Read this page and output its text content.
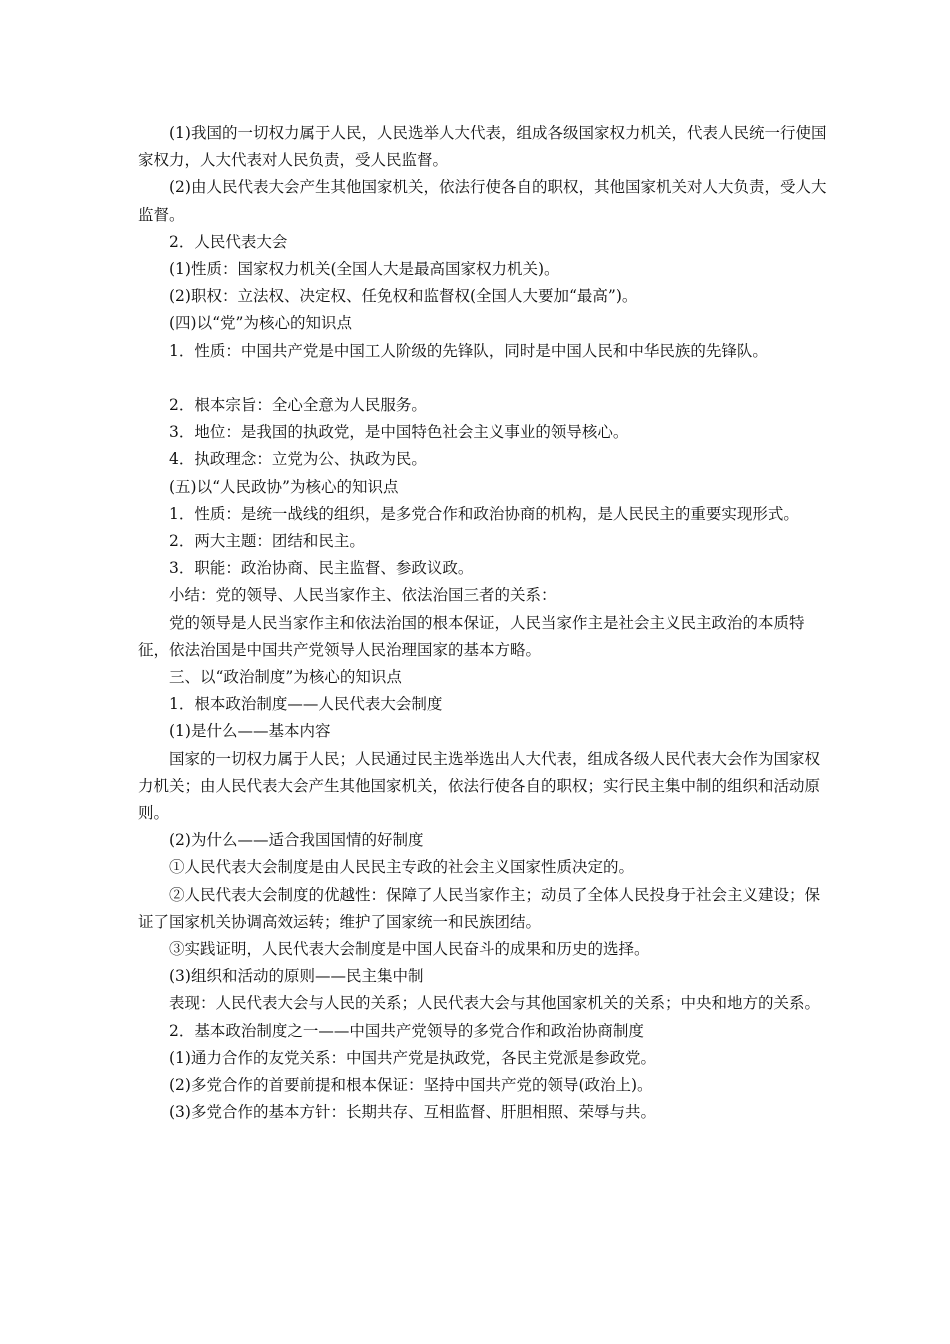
(1)我国的一切权力属于人民，人民选举人大代表，组成各级国家权力机关，代表人民统一行使国家权力，人大代表对人民负责，受人民监督。

(2)由人民代表大会产生其他国家机关，依法行使各自的职权，其他国家机关对人大负责，受人大监督。

2．人民代表大会

(1)性质：国家权力机关(全国人大是最高国家权力机关)。

(2)职权：立法权、决定权、任免权和监督权(全国人大要加“最高”)。

(四)以“党”为核心的知识点

1．性质：中国共产党是中国工人阶级的先锋队，同时是中国人民和中华民族的先锋队。

2．根本宗旨：全心全意为人民服务。

3．地位：是我国的执政党，是中国特色社会主义事业的领导核心。

4．执政理念：立党为公、执政为民。

(五)以“人民政协”为核心的知识点

1．性质：是统一战线的组织，是多党合作和政治协商的机构，是人民民主的重要实现形式。

2．两大主题：团结和民主。

3．职能：政治协商、民主监督、参政议政。

小结：党的领导、人民当家作主、依法治国三者的关系：

党的领导是人民当家作主和依法治国的根本保证，人民当家作主是社会主义民主政治的本质特征，依法治国是中国共产党领导人民治理国家的基本方略。

三、以“政治制度”为核心的知识点

1．根本政治制度——人民代表大会制度

(1)是什么——基本内容

国家的一切权力属于人民；人民通过民主选举选出人大代表，组成各级人民代表大会作为国家权力机关；由人民代表大会产生其他国家机关，依法行使各自的职权；实行民主集中制的组织和活动原则。

(2)为什么——适合我国国情的好制度

①人民代表大会制度是由人民民主专政的社会主义国家性质决定的。

②人民代表大会制度的优越性：保障了人民当家作主；动员了全体人民投身于社会主义建设；保证了国家机关协调高效运转；维护了国家统一和民族团结。

③实践证明，人民代表大会制度是中国人民奋斗的成果和历史的选择。

(3)组织和活动的原则——民主集中制

表现：人民代表大会与人民的关系；人民代表大会与其他国家机关的关系；中央和地方的关系。

2．基本政治制度之一——中国共产党领导的多党合作和政治协商制度

(1)通力合作的友党关系：中国共产党是执政党，各民主党派是参政党。

(2)多党合作的首要前提和根本保证：坚持中国共产党的领导(政治上)。

(3)多党合作的基本方针：长期共存、互相监督、肝胆相照、荣辱与共。
